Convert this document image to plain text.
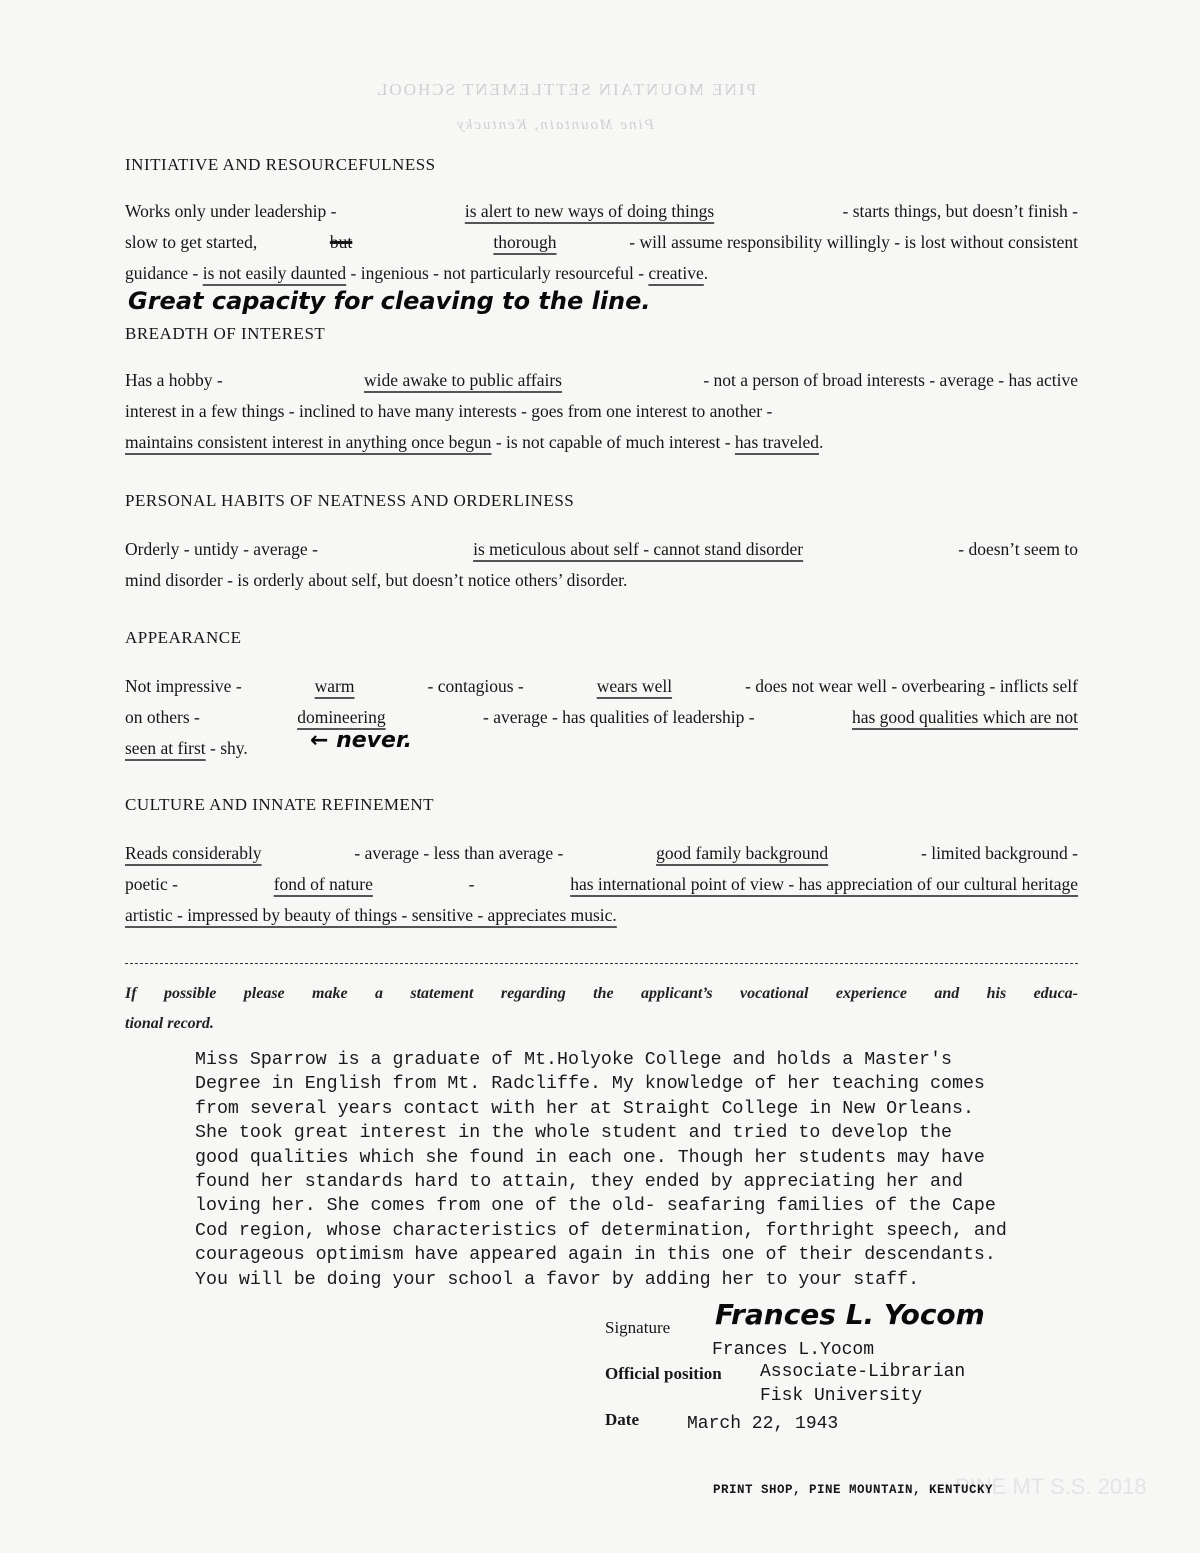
PINE MOUNTAIN SETTLEMENT SCHOOL
Pine Mountain, Kentucky
INITIATIVE AND RESOURCEFULNESS
Works only under leadership -	is alert to new ways of doing things	- starts things, but doesn’t finish -
slow to get started,	but
	thorough	- will assume responsibility willingly - is lost without consistent
guidance - is not easily daunted - ingenious - not particularly resourceful - creative .
BREADTH OF INTEREST
Has a hobby -	wide awake to public affairs	- not a person of broad interests - average - has active
interest in a few things - inclined to have many interests - goes from one interest to another -
maintains consistent interest in anything once begun - is not capable of much interest - has traveled .
PERSONAL HABITS OF NEATNESS AND ORDERLINESS
Orderly - untidy - average -	is meticulous about self - cannot stand disorder	- doesn’t seem to
mind disorder - is orderly about self, but doesn’t notice others’ disorder.
APPEARANCE
Not impressive -	warm	- contagious -	wears well	- does not wear well - overbearing - inflicts self
on others -	domineering	- average - has qualities of leadership -	has good qualities which are not
seen at first - shy.
CULTURE AND INNATE REFINEMENT
Reads considerably	- average - less than average -	good family background	- limited background -
poetic -	fond of nature	-	has international point of view - has appreciation of our cultural heritage
artistic - impressed by beauty of things - sensitive - appreciates music.
Great capacity for cleaving to the line.
← never.
If possible please make a statement regarding the applicant’s vocational experience and his educa-
tional record.
Miss Sparrow is a graduate of Mt.Holyoke College and holds a Master's
Degree in English from Mt. Radcliffe. My knowledge of her teaching comes
from several years contact with her at Straight College in New Orleans.
She took great interest in the whole student and tried to develop the
good qualities which she found in each one. Though her students may have
found her standards hard to attain, they ended by appreciating her and
loving her. She comes from one of the old- seafaring families of the Cape
Cod region, whose characteristics of determination, forthright speech, and
courageous optimism have appeared again in this one of their descendants.
You will be doing your school a favor by adding her to your staff.
Signature Frances L. Yocom
Frances L.Yocom
Official position Associate-Librarian
Fisk University
Date	March 22, 1943
PINE MT S.S. 2018
PRINT SHOP, PINE MOUNTAIN, KENTUCKY
